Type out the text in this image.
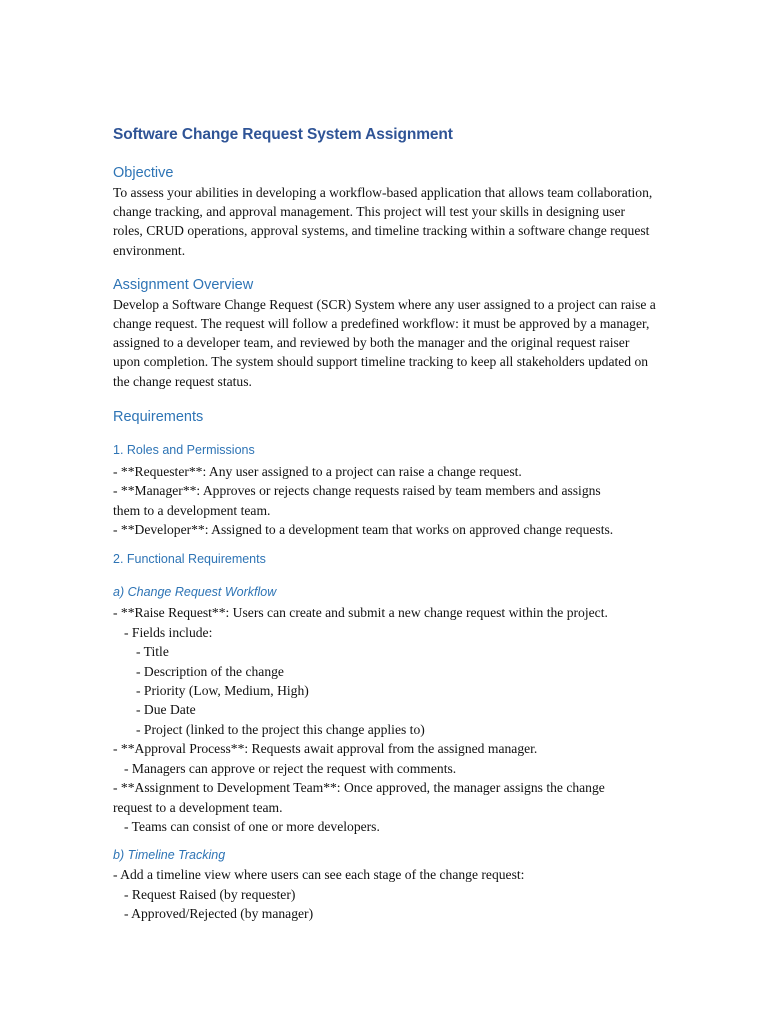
Software Change Request System Assignment
Objective
To assess your abilities in developing a workflow-based application that allows team collaboration, change tracking, and approval management. This project will test your skills in designing user roles, CRUD operations, approval systems, and timeline tracking within a software change request environment.
Assignment Overview
Develop a Software Change Request (SCR) System where any user assigned to a project can raise a change request. The request will follow a predefined workflow: it must be approved by a manager, assigned to a developer team, and reviewed by both the manager and the original request raiser upon completion. The system should support timeline tracking to keep all stakeholders updated on the change request status.
Requirements
1. Roles and Permissions
- **Requester**: Any user assigned to a project can raise a change request.
- **Manager**: Approves or rejects change requests raised by team members and assigns
them to a development team.
- **Developer**: Assigned to a development team that works on approved change requests.
2. Functional Requirements
a) Change Request Workflow
- **Raise Request**: Users can create and submit a new change request within the project.
- Fields include:
- Title
- Description of the change
- Priority (Low, Medium, High)
- Due Date
- Project (linked to the project this change applies to)
- **Approval Process**: Requests await approval from the assigned manager.
- Managers can approve or reject the request with comments.
- **Assignment to Development Team**: Once approved, the manager assigns the change
request to a development team.
- Teams can consist of one or more developers.
b) Timeline Tracking
- Add a timeline view where users can see each stage of the change request:
- Request Raised (by requester)
- Approved/Rejected (by manager)
